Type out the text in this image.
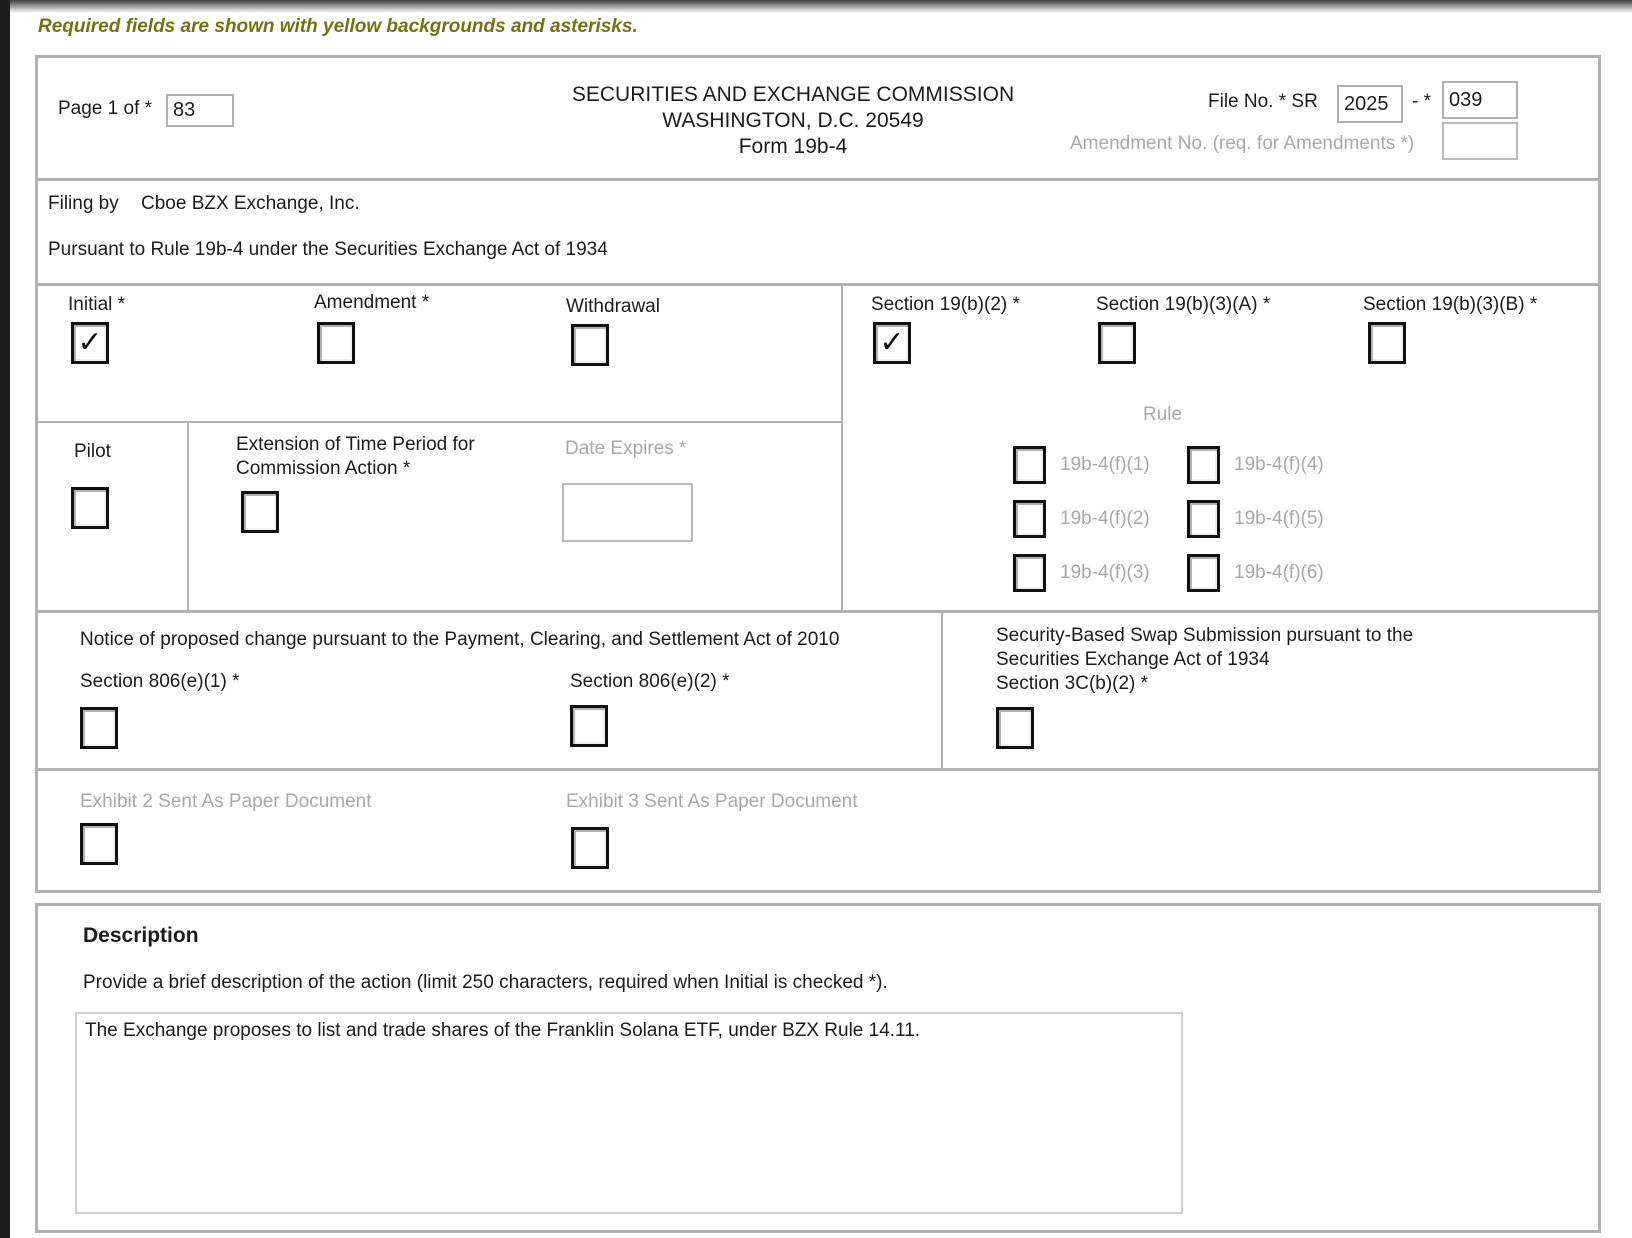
Required fields are shown with yellow backgrounds and asterisks.
Page 1 of *
83
SECURITIES AND EXCHANGE COMMISSION
WASHINGTON, D.C. 20549
Form 19b-4
File No. * SR
2025	- *
039
Amendment No. (req. for Amendments *)
Filing by Cboe BZX Exchange, Inc.
Pursuant to Rule 19b-4 under the Securities Exchange Act of 1934
Initial *
✓
Amendment *	Withdrawal
Pilot	Extension of Time Period for Commission Action *
Date Expires *
Section 19(b)(2) *
✓
Section 19(b)(3)(A) *	Section 19(b)(3)(B) *
Rule
19b-4(f)(1)
19b-4(f)(2)
19b-4(f)(3)
19b-4(f)(4)
19b-4(f)(5)
19b-4(f)(6)
Notice of proposed change pursuant to the Payment, Clearing, and Settlement Act of 2010
Section 806(e)(1) *	Section 806(e)(2) *
Security-Based Swap Submission pursuant to the
Securities Exchange Act of 1934
Section 3C(b)(2) *
Exhibit 2 Sent As Paper Document	Exhibit 3 Sent As Paper Document
Description
Provide a brief description of the action (limit 250 characters, required when Initial is checked *).
The Exchange proposes to list and trade shares of the Franklin Solana ETF, under BZX Rule 14.11.
